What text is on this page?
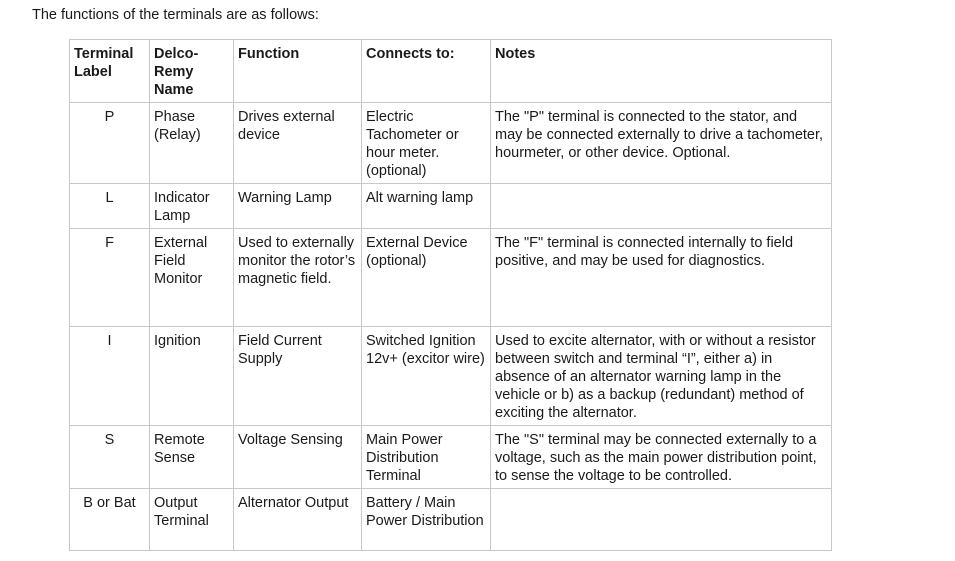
The functions of the terminals are as follows:
Terminal Label	Delco-Remy Name	Function	Connects to:	Notes
P	Phase (Relay)	Drives external device	Electric Tachometer or hour meter. (optional)	The "P" terminal is connected to the stator, and may be connected externally to drive a tachometer, hourmeter, or other device. Optional.
L	Indicator Lamp	Warning Lamp	Alt warning lamp	
F	External Field Monitor	Used to externally monitor the rotor’s magnetic field.	External Device (optional)	The "F" terminal is connected internally to field positive, and may be used for diagnostics.
I	Ignition	Field Current Supply	Switched Ignition 12v+ (excitor wire)	Used to excite alternator, with or without a resistor between switch and terminal “I”, either a) in absence of an alternator warning lamp in the vehicle or b) as a backup (redundant) method of exciting the alternator.
S	Remote Sense	Voltage Sensing	Main Power Distribution Terminal	The "S" terminal may be connected externally to a voltage, such as the main power distribution point, to sense the voltage to be controlled.
B or Bat	Output Terminal	Alternator Output	Battery / Main Power Distribution	
